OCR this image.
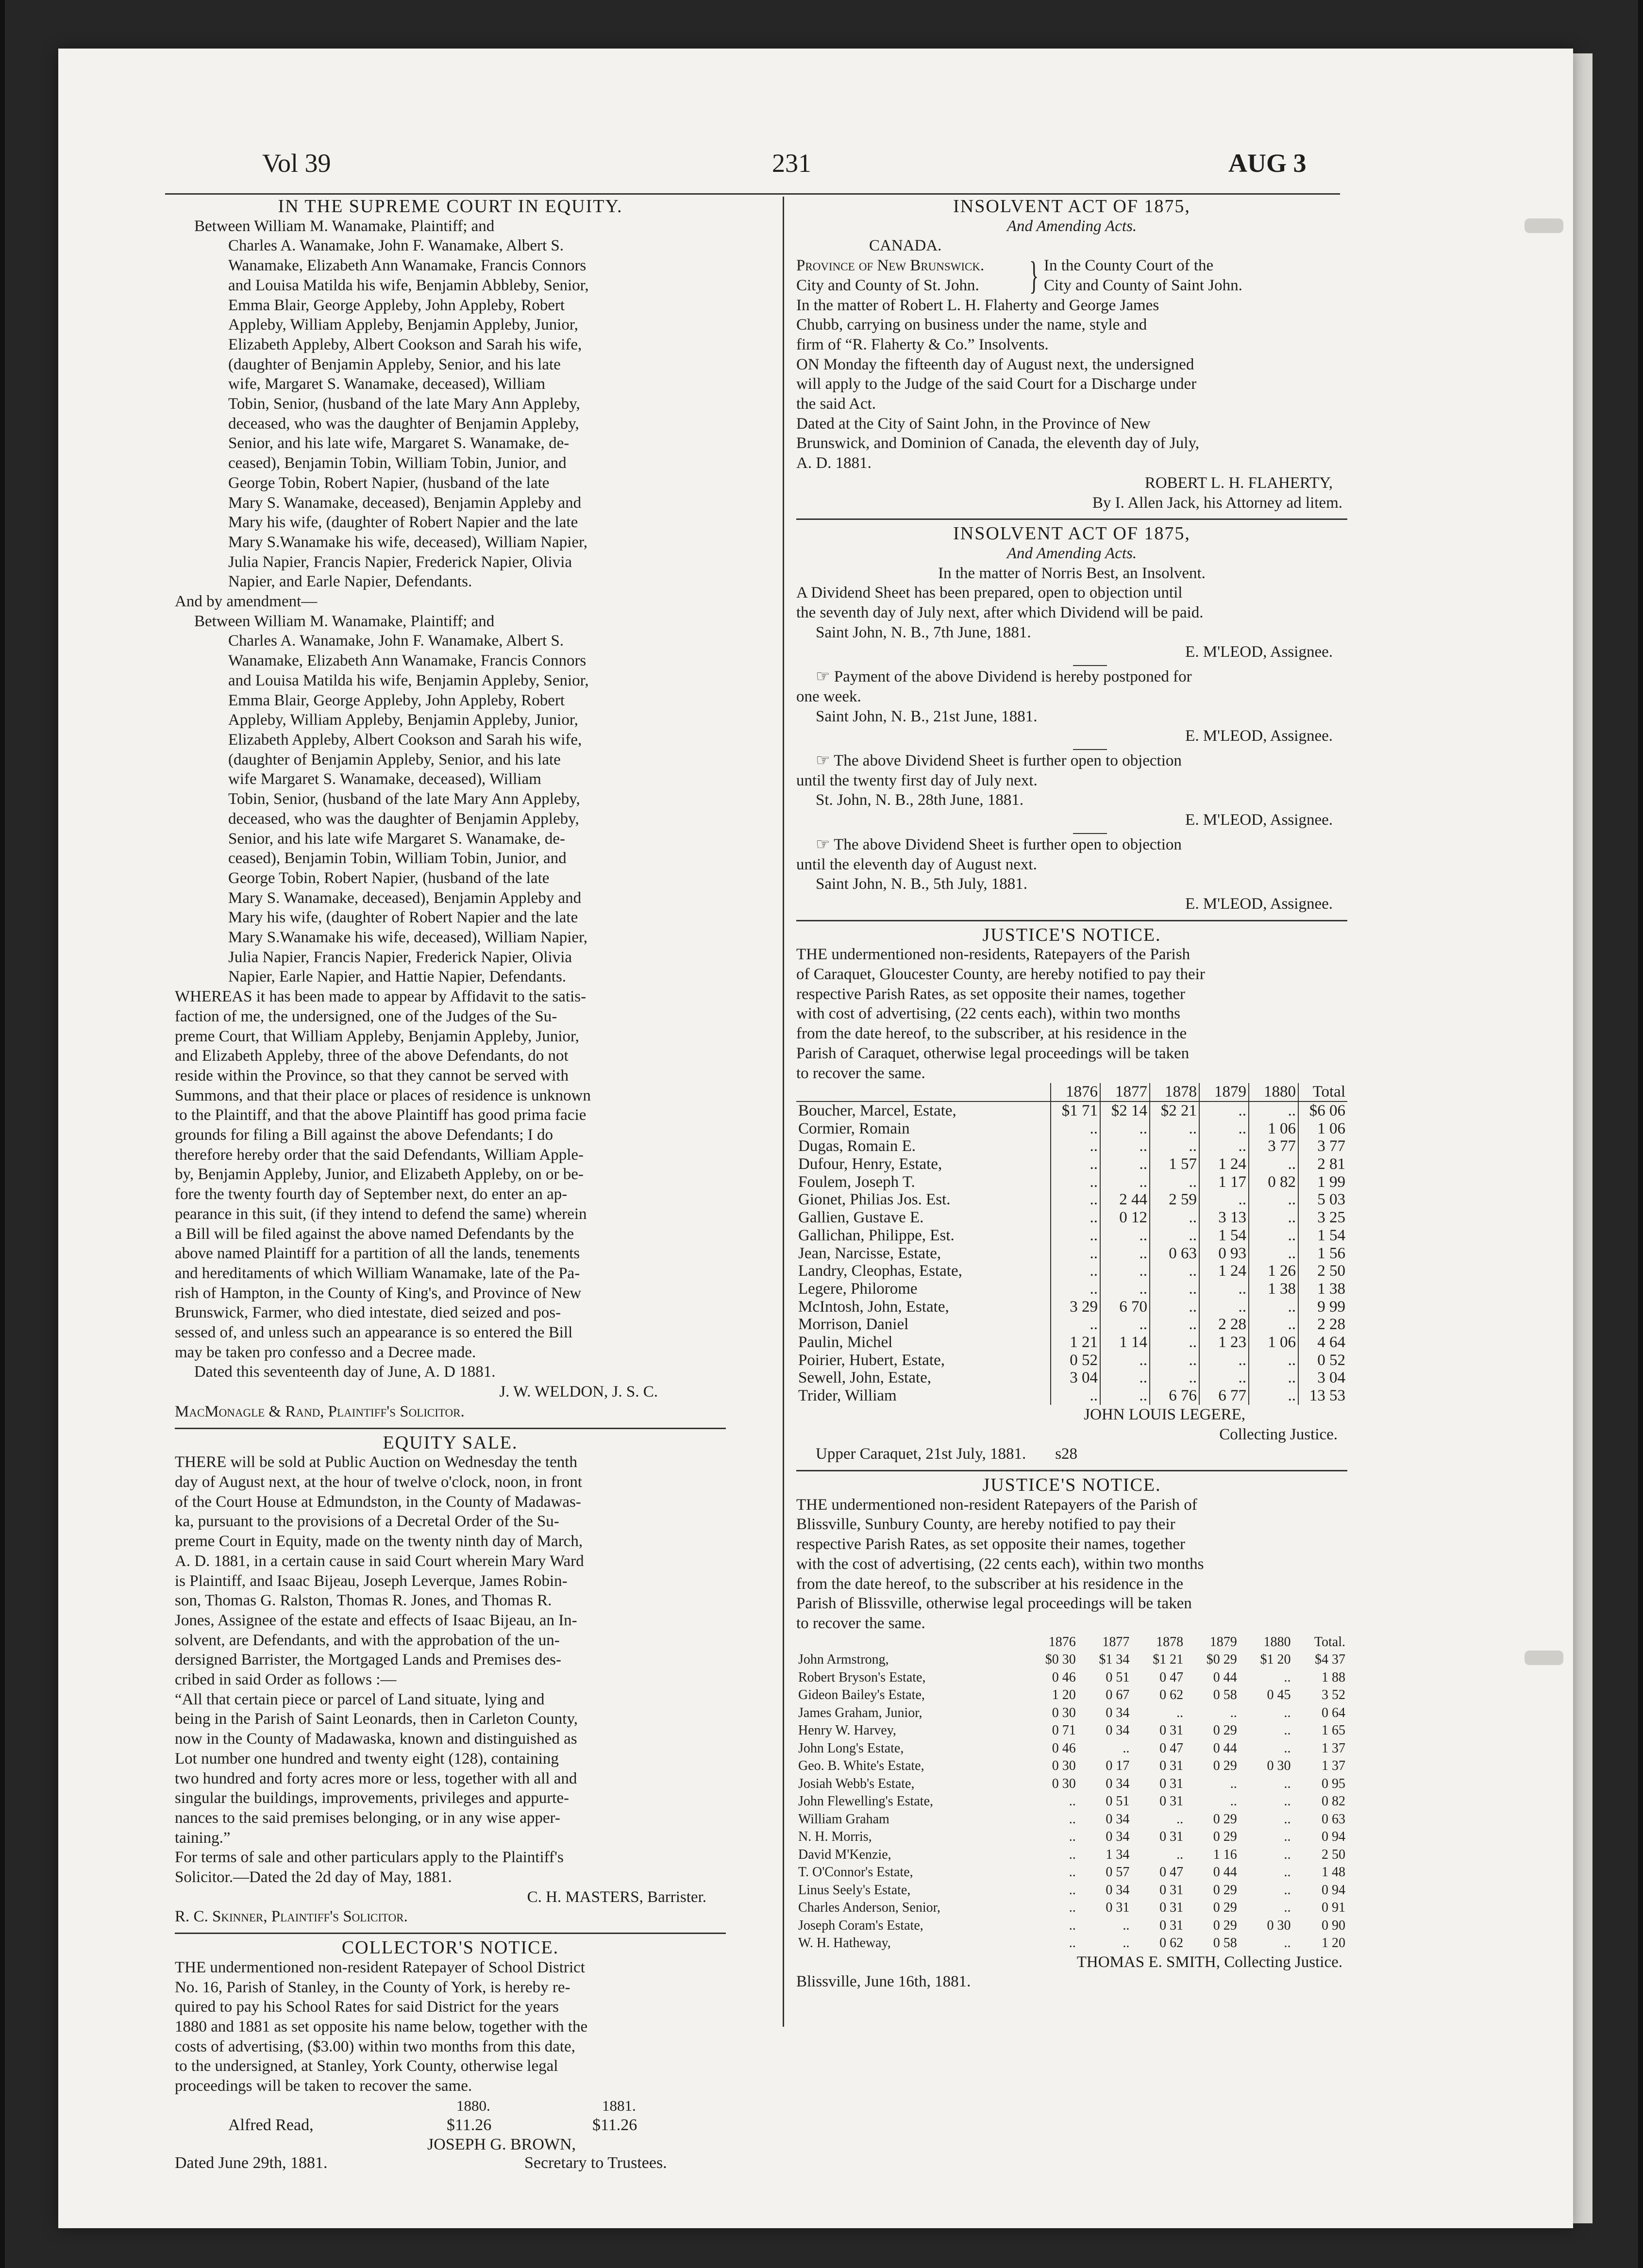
Vol 39	231	AUG 3

IN THE SUPREME COURT IN EQUITY.

Between William M. Wanamake, Plaintiff; and

Charles A. Wanamake, John F. Wanamake, Albert S.

Wanamake, Elizabeth Ann Wanamake, Francis Connors

and Louisa Matilda his wife, Benjamin Abbleby, Senior,

Emma Blair, George Appleby, John Appleby, Robert

Appleby, William Appleby, Benjamin Appleby, Junior,

Elizabeth Appleby, Albert Cookson and Sarah his wife,

(daughter of Benjamin Appleby, Senior, and his late

wife, Margaret S. Wanamake, deceased), William

Tobin, Senior, (husband of the late Mary Ann Appleby,

deceased, who was the daughter of Benjamin Appleby,

Senior, and his late wife, Margaret S. Wanamake, de-

ceased), Benjamin Tobin, William Tobin, Junior, and

George Tobin, Robert Napier, (husband of the late

Mary S. Wanamake, deceased), Benjamin Appleby and

Mary his wife, (daughter of Robert Napier and the late

Mary S.Wanamake his wife, deceased), William Napier,

Julia Napier, Francis Napier, Frederick Napier, Olivia

Napier, and Earle Napier, Defendants.

And by amendment—

Between William M. Wanamake, Plaintiff; and

Charles A. Wanamake, John F. Wanamake, Albert S.

Wanamake, Elizabeth Ann Wanamake, Francis Connors

and Louisa Matilda his wife, Benjamin Appleby, Senior,

Emma Blair, George Appleby, John Appleby, Robert

Appleby, William Appleby, Benjamin Appleby, Junior,

Elizabeth Appleby, Albert Cookson and Sarah his wife,

(daughter of Benjamin Appleby, Senior, and his late

wife Margaret S. Wanamake, deceased), William

Tobin, Senior, (husband of the late Mary Ann Appleby,

deceased, who was the daughter of Benjamin Appleby,

Senior, and his late wife Margaret S. Wanamake, de-

ceased), Benjamin Tobin, William Tobin, Junior, and

George Tobin, Robert Napier, (husband of the late

Mary S. Wanamake, deceased), Benjamin Appleby and

Mary his wife, (daughter of Robert Napier and the late

Mary S.Wanamake his wife, deceased), William Napier,

Julia Napier, Francis Napier, Frederick Napier, Olivia

Napier, Earle Napier, and Hattie Napier, Defendants.

WHEREAS it has been made to appear by Affidavit to the satis-

faction of me, the undersigned, one of the Judges of the Su-

preme Court, that William Appleby, Benjamin Appleby, Junior,

and Elizabeth Appleby, three of the above Defendants, do not

reside within the Province, so that they cannot be served with

Summons, and that their place or places of residence is unknown

to the Plaintiff, and that the above Plaintiff has good prima facie

grounds for filing a Bill against the above Defendants; I do

therefore hereby order that the said Defendants, William Apple-

by, Benjamin Appleby, Junior, and Elizabeth Appleby, on or be-

fore the twenty fourth day of September next, do enter an ap-

pearance in this suit, (if they intend to defend the same) wherein

a Bill will be filed against the above named Defendants by the

above named Plaintiff for a partition of all the lands, tenements

and hereditaments of which William Wanamake, late of the Pa-

rish of Hampton, in the County of King's, and Province of New

Brunswick, Farmer, who died intestate, died seized and pos-

sessed of, and unless such an appearance is so entered the Bill

may be taken pro confesso and a Decree made.

Dated this seventeenth day of June, A. D 1881.

J. W. WELDON, J. S. C.

MacMonagle & Rand, Plaintiff's Solicitor.

EQUITY SALE.

THERE will be sold at Public Auction on Wednesday the tenth

day of August next, at the hour of twelve o'clock, noon, in front

of the Court House at Edmundston, in the County of Madawas-

ka, pursuant to the provisions of a Decretal Order of the Su-

preme Court in Equity, made on the twenty ninth day of March,

A. D. 1881, in a certain cause in said Court wherein Mary Ward

is Plaintiff, and Isaac Bijeau, Joseph Leverque, James Robin-

son, Thomas G. Ralston, Thomas R. Jones, and Thomas R.

Jones, Assignee of the estate and effects of Isaac Bijeau, an In-

solvent, are Defendants, and with the approbation of the un-

dersigned Barrister, the Mortgaged Lands and Premises des-

cribed in said Order as follows :—

“All that certain piece or parcel of Land situate, lying and

being in the Parish of Saint Leonards, then in Carleton County,

now in the County of Madawaska, known and distinguished as

Lot number one hundred and twenty eight (128), containing

two hundred and forty acres more or less, together with all and

singular the buildings, improvements, privileges and appurte-

nances to the said premises belonging, or in any wise apper-

taining.”

For terms of sale and other particulars apply to the Plaintiff's

Solicitor.—Dated the 2d day of May, 1881.

C. H. MASTERS, Barrister.

R. C. Skinner, Plaintiff's Solicitor.

COLLECTOR'S NOTICE.

THE undermentioned non-resident Ratepayer of School District

No. 16, Parish of Stanley, in the County of York, is hereby re-

quired to pay his School Rates for said District for the years

1880 and 1881 as set opposite his name below, together with the

costs of advertising, ($3.00) within two months from this date,

to the undersigned, at Stanley, York County, otherwise legal

proceedings will be taken to recover the same.

1880.	1881.
Alfred Read,	$11.26	$11.26
JOSEPH G. BROWN,
Dated June 29th, 1881.	Secretary to Trustees.

INSOLVENT ACT OF 1875,

And Amending Acts.

CANADA.

Province of New Brunswick.

City and County of St. John.	} In the County Court of the

City and County of Saint John.

In the matter of Robert L. H. Flaherty and George James

Chubb, carrying on business under the name, style and

firm of “R. Flaherty & Co.” Insolvents.

ON Monday the fifteenth day of August next, the undersigned

will apply to the Judge of the said Court for a Discharge under

the said Act.

Dated at the City of Saint John, in the Province of New

Brunswick, and Dominion of Canada, the eleventh day of July,

A. D. 1881.

ROBERT L. H. FLAHERTY,

By I. Allen Jack, his Attorney ad litem.

INSOLVENT ACT OF 1875,

And Amending Acts.

In the matter of Norris Best, an Insolvent.

A Dividend Sheet has been prepared, open to objection until

the seventh day of July next, after which Dividend will be paid.

Saint John, N. B., 7th June, 1881.

E. M'LEOD, Assignee.

☞ Payment of the above Dividend is hereby postponed for

one week.

Saint John, N. B., 21st June, 1881.

E. M'LEOD, Assignee.

☞ The above Dividend Sheet is further open to objection

until the twenty first day of July next.

St. John, N. B., 28th June, 1881.

E. M'LEOD, Assignee.

☞ The above Dividend Sheet is further open to objection

until the eleventh day of August next.

Saint John, N. B., 5th July, 1881.

E. M'LEOD, Assignee.

JUSTICE'S NOTICE.

THE undermentioned non-residents, Ratepayers of the Parish

of Caraquet, Gloucester County, are hereby notified to pay their

respective Parish Rates, as set opposite their names, together

with cost of advertising, (22 cents each), within two months

from the date hereof, to the subscriber, at his residence in the

Parish of Caraquet, otherwise legal proceedings will be taken

to recover the same.

	1876	1877	1878	1879	1880	Total
Boucher, Marcel, Estate,	$1 71	$2 14	$2 21	..	..	$6 06
Cormier, Romain	..	..	..	..	1 06	1 06
Dugas, Romain E.	..	..	..	..	3 77	3 77
Dufour, Henry, Estate,	..	..	1 57	1 24	..	2 81
Foulem, Joseph T.	..	..	..	1 17	0 82	1 99
Gionet, Philias Jos. Est.	..	2 44	2 59	..	..	5 03
Gallien, Gustave E.	..	0 12	..	3 13	..	3 25
Gallichan, Philippe, Est.	..	..	..	1 54	..	1 54
Jean, Narcisse, Estate,	..	..	0 63	0 93	..	1 56
Landry, Cleophas, Estate,	..	..	..	1 24	1 26	2 50
Legere, Philorome	..	..	..	..	1 38	1 38
McIntosh, John, Estate,	3 29	6 70	..	..	..	9 99
Morrison, Daniel	..	..	..	2 28	..	2 28
Paulin, Michel	1 21	1 14	..	1 23	1 06	4 64
Poirier, Hubert, Estate,	0 52	..	..	..	..	0 52
Sewell, John, Estate,	3 04	..	..	..	..	3 04
Trider, William	..	..	6 76	6 77	..	13 53

JOHN LOUIS LEGERE,

Collecting Justice.

Upper Caraquet, 21st July, 1881. s28

JUSTICE'S NOTICE.

THE undermentioned non-resident Ratepayers of the Parish of

Blissville, Sunbury County, are hereby notified to pay their

respective Parish Rates, as set opposite their names, together

with the cost of advertising, (22 cents each), within two months

from the date hereof, to the subscriber at his residence in the

Parish of Blissville, otherwise legal proceedings will be taken

to recover the same.

	1876	1877	1878	1879	1880	Total.
John Armstrong,	$0 30	$1 34	$1 21	$0 29	$1 20	$4 37
Robert Bryson's Estate,	0 46	0 51	0 47	0 44	..	1 88
Gideon Bailey's Estate,	1 20	0 67	0 62	0 58	0 45	3 52
James Graham, Junior,	0 30	0 34	..	..	..	0 64
Henry W. Harvey,	0 71	0 34	0 31	0 29	..	1 65
John Long's Estate,	0 46	..	0 47	0 44	..	1 37
Geo. B. White's Estate,	0 30	0 17	0 31	0 29	0 30	1 37
Josiah Webb's Estate,	0 30	0 34	0 31	..	..	0 95
John Flewelling's Estate,	..	0 51	0 31	..	..	0 82
William Graham	..	0 34	..	0 29	..	0 63
N. H. Morris,	..	0 34	0 31	0 29	..	0 94
David M'Kenzie,	..	1 34	..	1 16	..	2 50
T. O'Connor's Estate,	..	0 57	0 47	0 44	..	1 48
Linus Seely's Estate,	..	0 34	0 31	0 29	..	0 94
Charles Anderson, Senior,	..	0 31	0 31	0 29	..	0 91
Joseph Coram's Estate,	..	..	0 31	0 29	0 30	0 90
W. H. Hatheway,	..	..	0 62	0 58	..	1 20

THOMAS E. SMITH, Collecting Justice.

Blissville, June 16th, 1881.
